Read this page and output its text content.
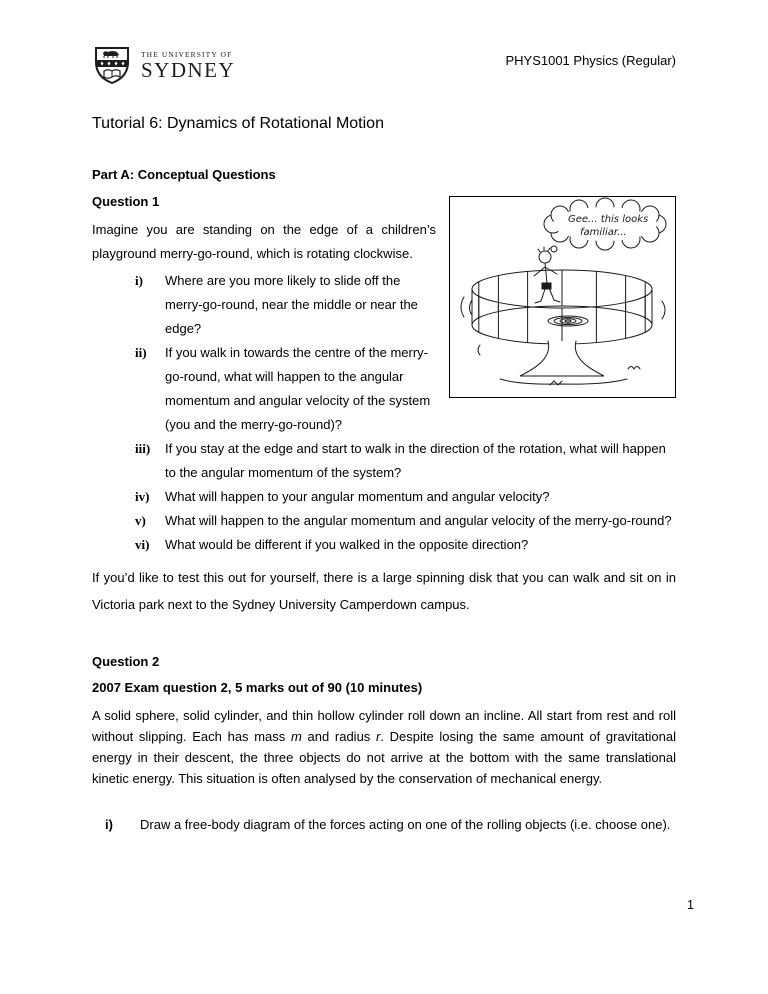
THE UNIVERSITY OF
SYDNEY	PHYS1001 Physics (Regular)
Tutorial 6: Dynamics of Rotational Motion
Part A: Conceptual Questions
Question 1

Gee... this looks
familiar...
Imagine you are standing on the edge of a children’s playground merry-go-round, which is rotating clockwise.

i) Where are you more likely to slide off the merry-go-round, near the middle or near the edge?
ii) If you walk in towards the centre of the merry-go-round, what will happen to the angular momentum and angular velocity of the system (you and the merry-go-round)?
iii) If you stay at the edge and start to walk in the direction of the rotation, what will happen to the angular momentum of the system?
iv) What will happen to your angular momentum and angular velocity?
v) What will happen to the angular momentum and angular velocity of the merry-go-round?
vi) What would be different if you walked in the opposite direction?

If you’d like to test this out for yourself, there is a large spinning disk that you can walk and sit on in Victoria park next to the Sydney University Camperdown campus.

Question 2
2007 Exam question 2, 5 marks out of 90 (10 minutes)

A solid sphere, solid cylinder, and thin hollow cylinder roll down an incline. All start from rest and roll without slipping. Each has mass m and radius r. Despite losing the same amount of gravitational energy in their descent, the three objects do not arrive at the bottom with the same translational kinetic energy. This situation is often analysed by the conservation of mechanical energy.

i) Draw a free-body diagram of the forces acting on one of the rolling objects (i.e. choose one).
1
